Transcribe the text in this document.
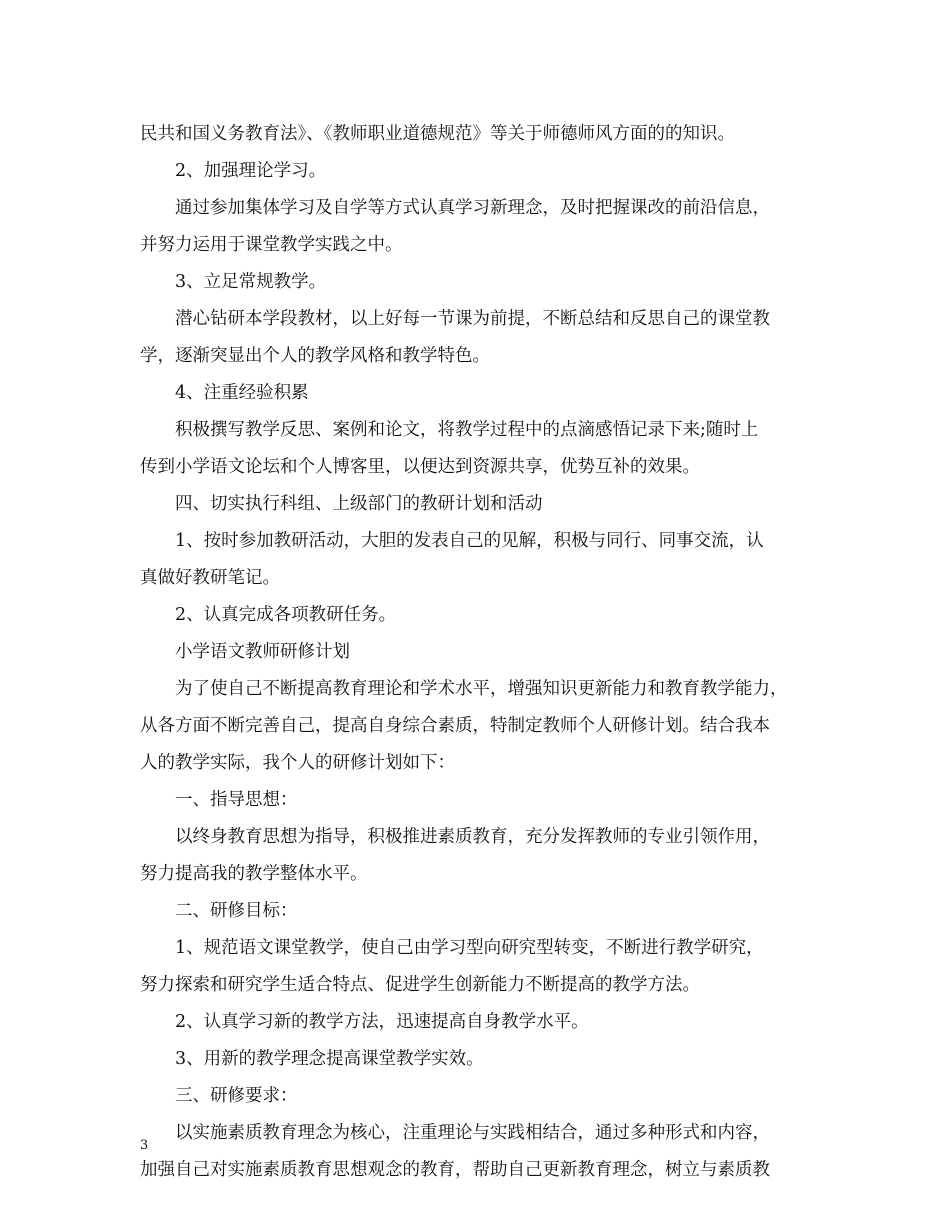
民共和国义务教育法》、《教师职业道德规范》等关于师德师风方面的的知识。
2、加强理论学习。
通过参加集体学习及自学等方式认真学习新理念，及时把握课改的前沿信息，
并努力运用于课堂教学实践之中。
3、立足常规教学。
潜心钻研本学段教材，以上好每一节课为前提，不断总结和反思自己的课堂教
学，逐渐突显出个人的教学风格和教学特色。
4、注重经验积累
积极撰写教学反思、案例和论文，将教学过程中的点滴感悟记录下来;随时上
传到小学语文论坛和个人博客里，以便达到资源共享，优势互补的效果。
四、切实执行科组、上级部门的教研计划和活动
1、按时参加教研活动，大胆的发表自己的见解，积极与同行、同事交流，认
真做好教研笔记。
2、认真完成各项教研任务。
小学语文教师研修计划
为了使自己不断提高教育理论和学术水平，增强知识更新能力和教育教学能力，
从各方面不断完善自己，提高自身综合素质，特制定教师个人研修计划。结合我本
人的教学实际，我个人的研修计划如下：
一、指导思想：
以终身教育思想为指导，积极推进素质教育，充分发挥教师的专业引领作用，
努力提高我的教学整体水平。
二、研修目标：
1、规范语文课堂教学，使自己由学习型向研究型转变，不断进行教学研究，
努力探索和研究学生适合特点、促进学生创新能力不断提高的教学方法。
2、认真学习新的教学方法，迅速提高自身教学水平。
3、用新的教学理念提高课堂教学实效。
三、研修要求：
以实施素质教育理念为核心，注重理论与实践相结合，通过多种形式和内容，
加强自己对实施素质教育思想观念的教育，帮助自己更新教育理念，树立与素质教
3
